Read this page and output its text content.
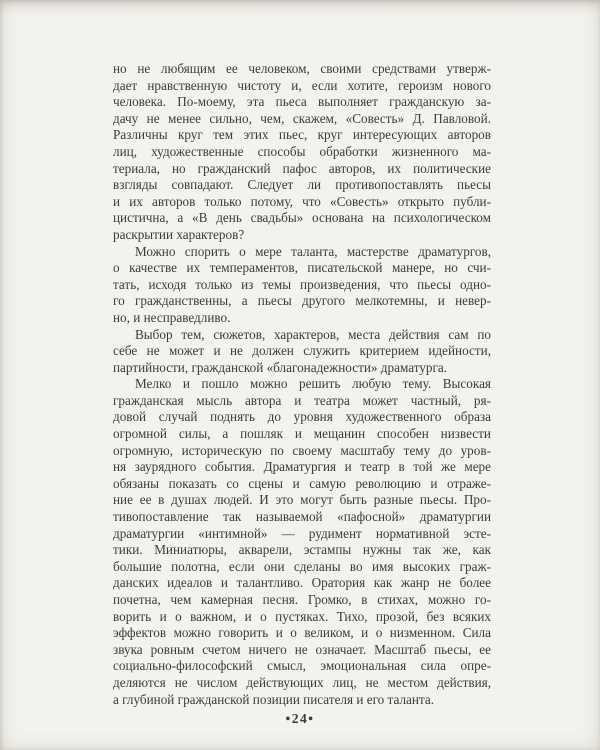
но не любящим ее человеком, своими средствами утверж-
дает нравственную чистоту и, если хотите, героизм нового
человека. По-моему, эта пьеса выполняет гражданскую за-
дачу не менее сильно, чем, скажем, «Совесть» Д. Павловой.
Различны круг тем этих пьес, круг интересующих авторов
лиц, художественные способы обработки жизненного ма-
териала, но гражданский пафос авторов, их политические
взгляды совпадают. Следует ли противопоставлять пьесы
и их авторов только потому, что «Совесть» открыто публи-
цистична, а «В день свадьбы» основана на психологическом
раскрытии характеров?
Можно спорить о мере таланта, мастерстве драматургов,
о качестве их темпераментов, писательской манере, но счи-
тать, исходя только из темы произведения, что пьесы одно-
го гражданственны, а пьесы другого мелкотемны, и невер-
но, и несправедливо.
Выбор тем, сюжетов, характеров, места действия сам по
себе не может и не должен служить критерием идейности,
партийности, гражданской «благонадежности» драматурга.
Мелко и пошло можно решить любую тему. Высокая
гражданская мысль автора и театра может частный, ря-
довой случай поднять до уровня художественного образа
огромной силы, а пошляк и мещанин способен низвести
огромную, историческую по своему масштабу тему до уров-
ня заурядного события. Драматургия и театр в той же мере
обязаны показать со сцены и самую революцию и отраже-
ние ее в душах людей. И это могут быть разные пьесы. Про-
тивопоставление так называемой «пафосной» драматургии
драматургии «интимной» — рудимент нормативной эсте-
тики. Миниатюры, акварели, эстампы нужны так же, как
большие полотна, если они сделаны во имя высоких граж-
данских идеалов и талантливо. Оратория как жанр не более
почетна, чем камерная песня. Громко, в стихах, можно го-
ворить и о важном, и о пустяках. Тихо, прозой, без всяких
эффектов можно говорить и о великом, и о низменном. Сила
звука ровным счетом ничего не означает. Масштаб пьесы, ее
социально-философский смысл, эмоциональная сила опре-
деляются не числом действующих лиц, не местом действия,
а глубиной гражданской позиции писателя и его таланта.
•24•
